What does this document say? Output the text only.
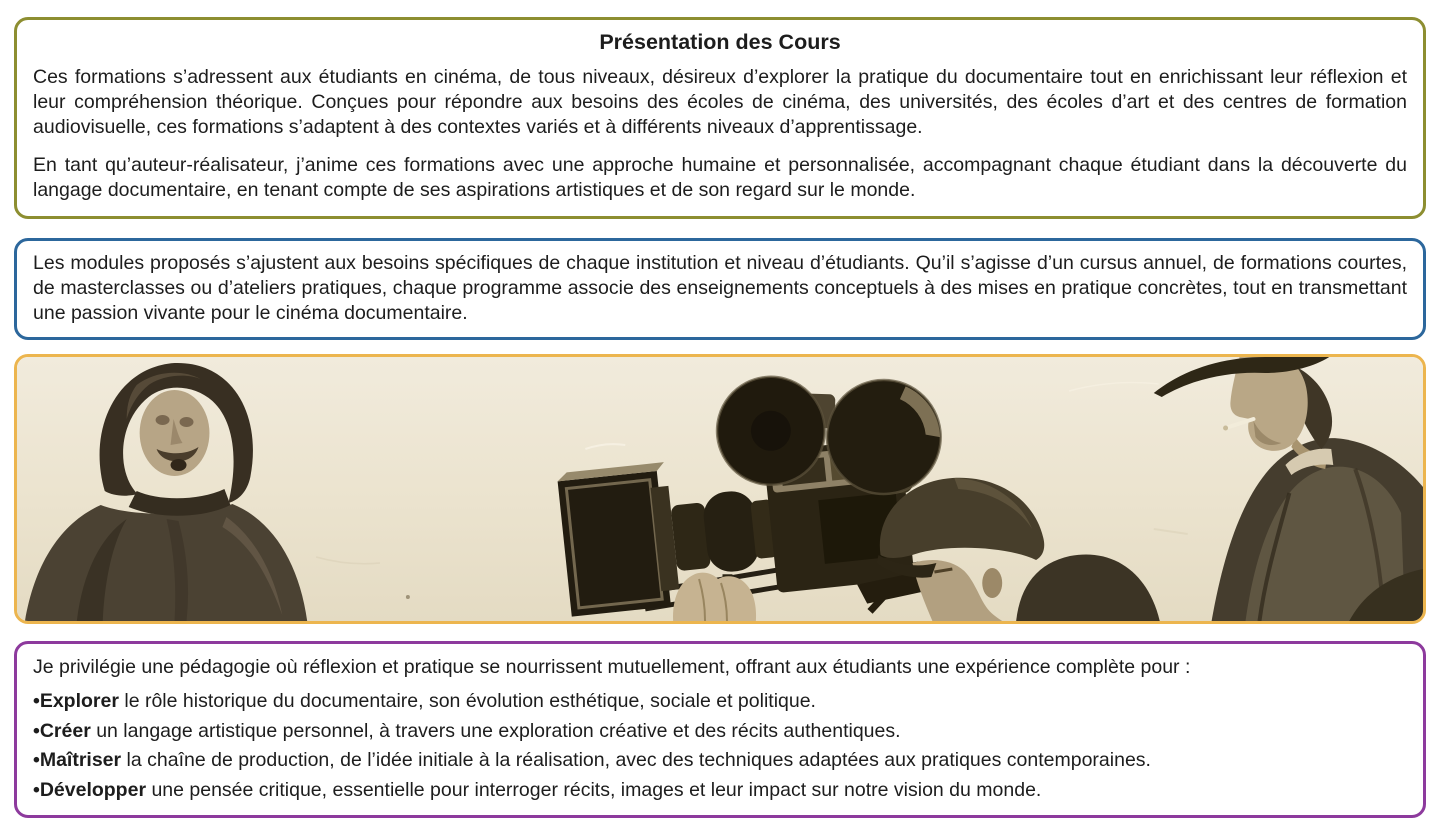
Présentation des Cours

Ces formations s’adressent aux étudiants en cinéma, de tous niveaux, désireux d’explorer la pratique du documentaire tout en enrichissant leur réflexion et leur compréhension théorique. Conçues pour répondre aux besoins des écoles de cinéma, des universités, des écoles d’art et des centres de formation audiovisuelle, ces formations s’adaptent à des contextes variés et à différents niveaux d’apprentissage.

En tant qu’auteur-réalisateur, j’anime ces formations avec une approche humaine et personnalisée, accompagnant chaque étudiant dans la découverte du langage documentaire, en tenant compte de ses aspirations artistiques et de son regard sur le monde.

Les modules proposés s’ajustent aux besoins spécifiques de chaque institution et niveau d’étudiants. Qu’il s’agisse d’un cursus annuel, de formations courtes, de masterclasses ou d’ateliers pratiques, chaque programme associe des enseignements conceptuels à des mises en pratique concrètes, tout en transmettant une passion vivante pour le cinéma documentaire.

Je privilégie une pédagogie où réflexion et pratique se nourrissent mutuellement, offrant aux étudiants une expérience complète pour :

•Explorer le rôle historique du documentaire, son évolution esthétique, sociale et politique.
•Créer un langage artistique personnel, à travers une exploration créative et des récits authentiques.
•Maîtriser la chaîne de production, de l’idée initiale à la réalisation, avec des techniques adaptées aux pratiques contemporaines.
•Développer une pensée critique, essentielle pour interroger récits, images et leur impact sur notre vision du monde.
